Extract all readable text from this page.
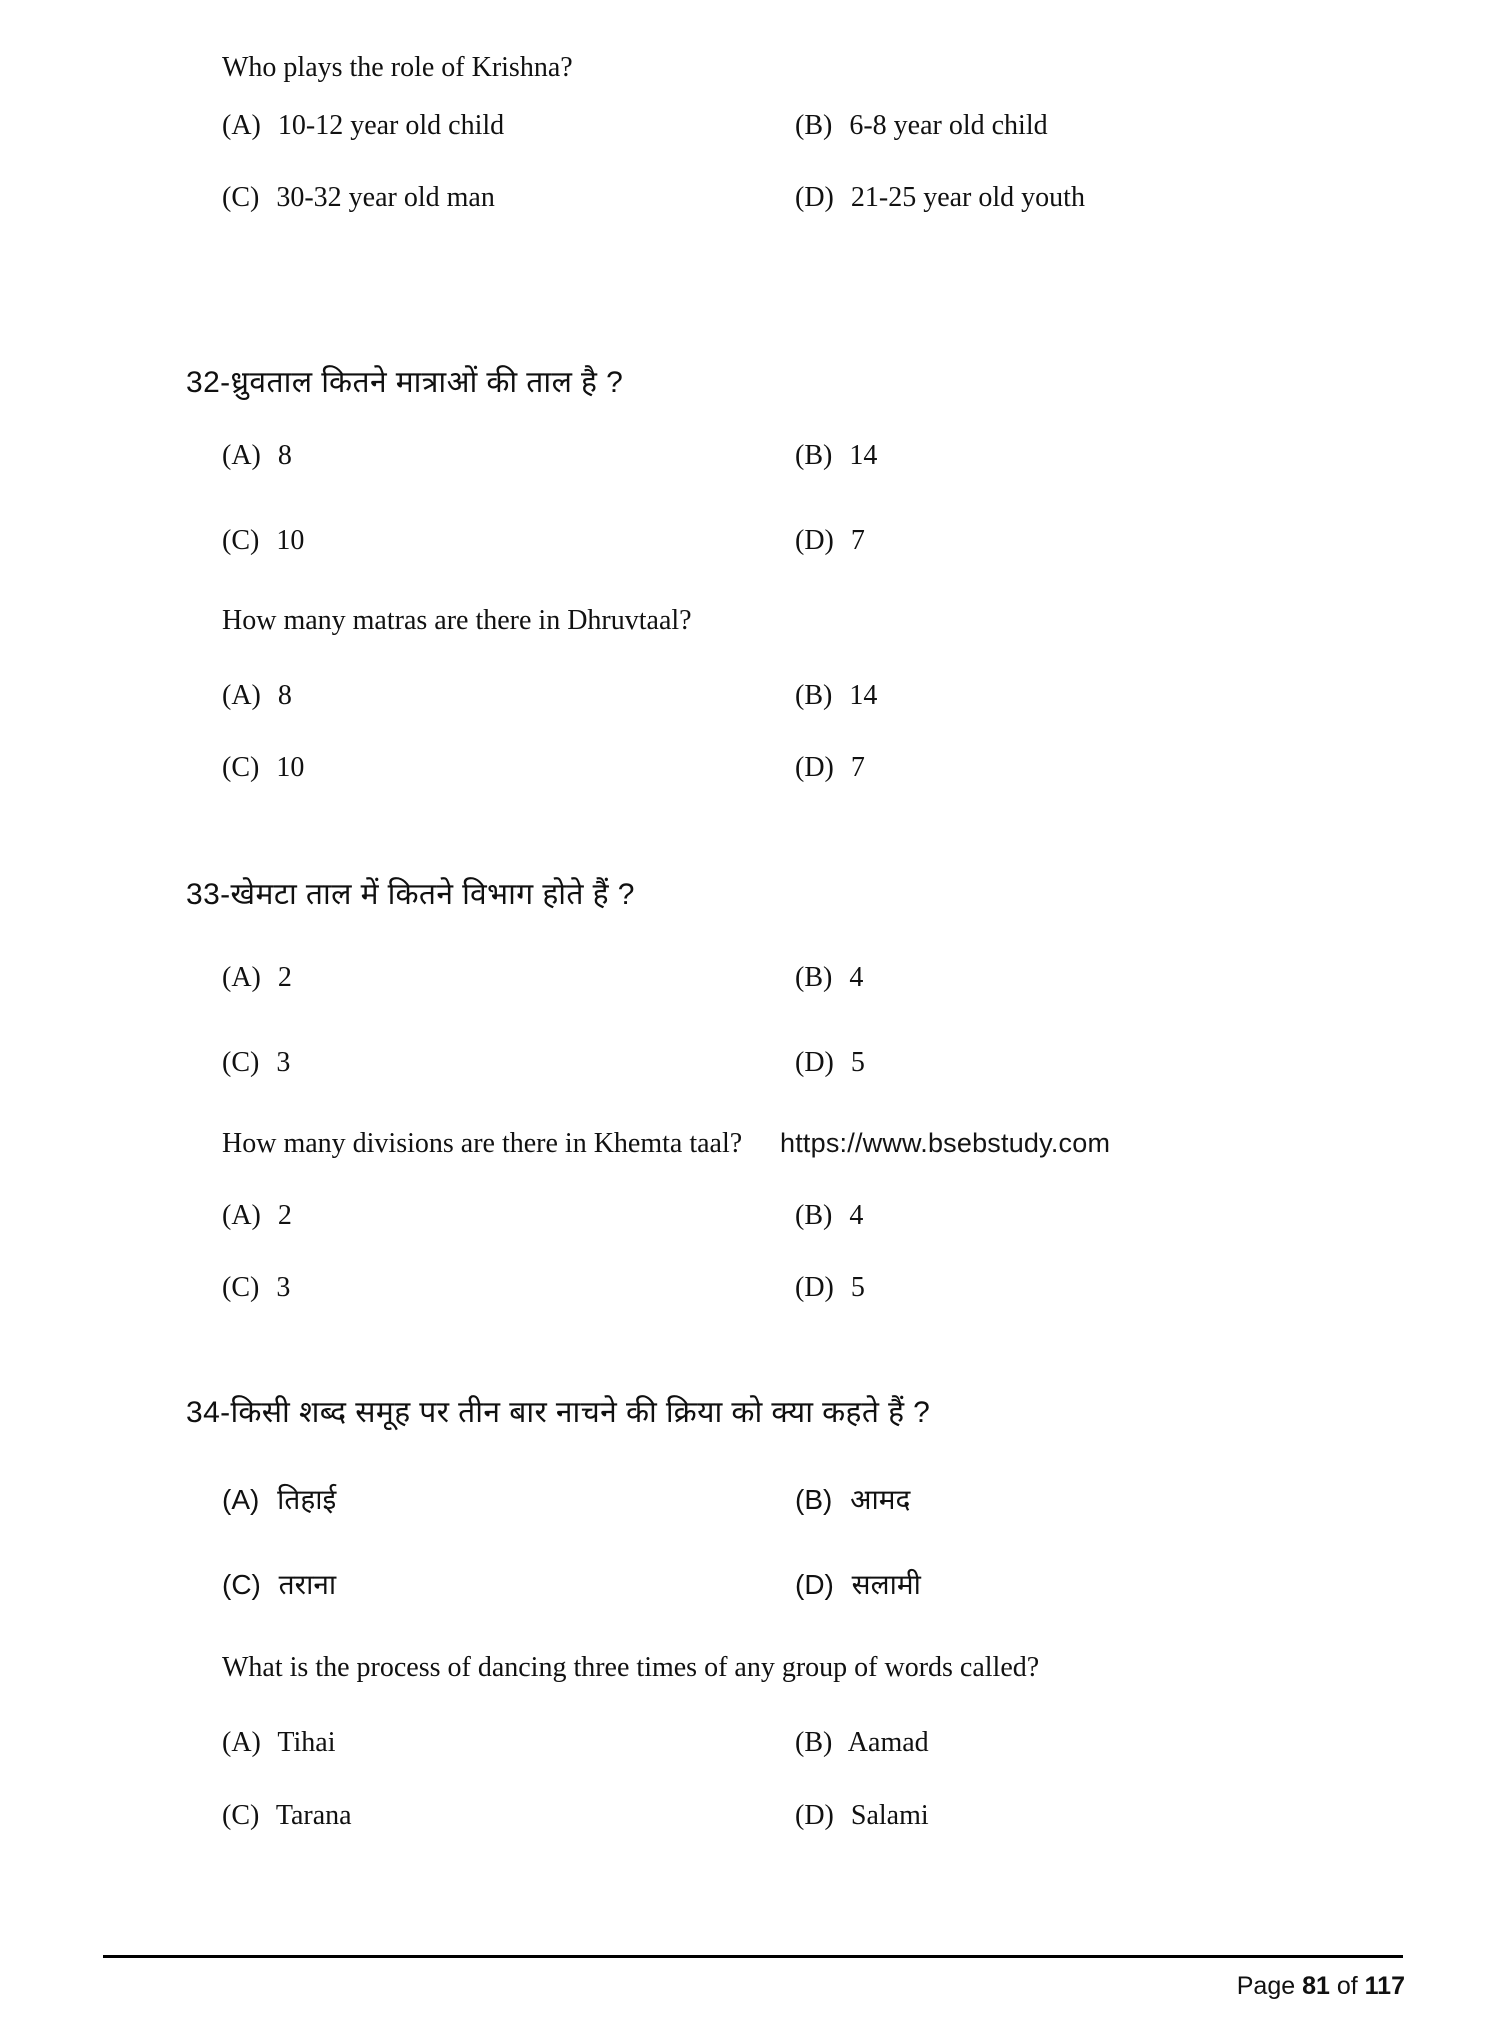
Who plays the role of Krishna?
(A) 10-12 year old child	(B) 6-8 year old child
(C) 30-32 year old man	(D) 21-25 year old youth
32-ध्रुवताल कितने मात्राओं की ताल है ?
(A) 8	(B) 14
(C) 10	(D) 7
How many matras are there in Dhruvtaal?
(A) 8	(B) 14
(C) 10	(D) 7
33-खेमटा ताल में कितने विभाग होते हैं ?
(A) 2	(B) 4
(C) 3	(D) 5
How many divisions are there in Khemta taal? https://www.bsebstudy.com
(A) 2	(B) 4
(C) 3	(D) 5
34-किसी शब्द समूह पर तीन बार नाचने की क्रिया को क्या कहते हैं ?
(A) तिहाई	(B) आमद
(C) तराना	(D) सलामी
What is the process of dancing three times of any group of words called?
(A) Tihai	(B) Aamad
(C) Tarana	(D) Salami
Page 81 of 117
